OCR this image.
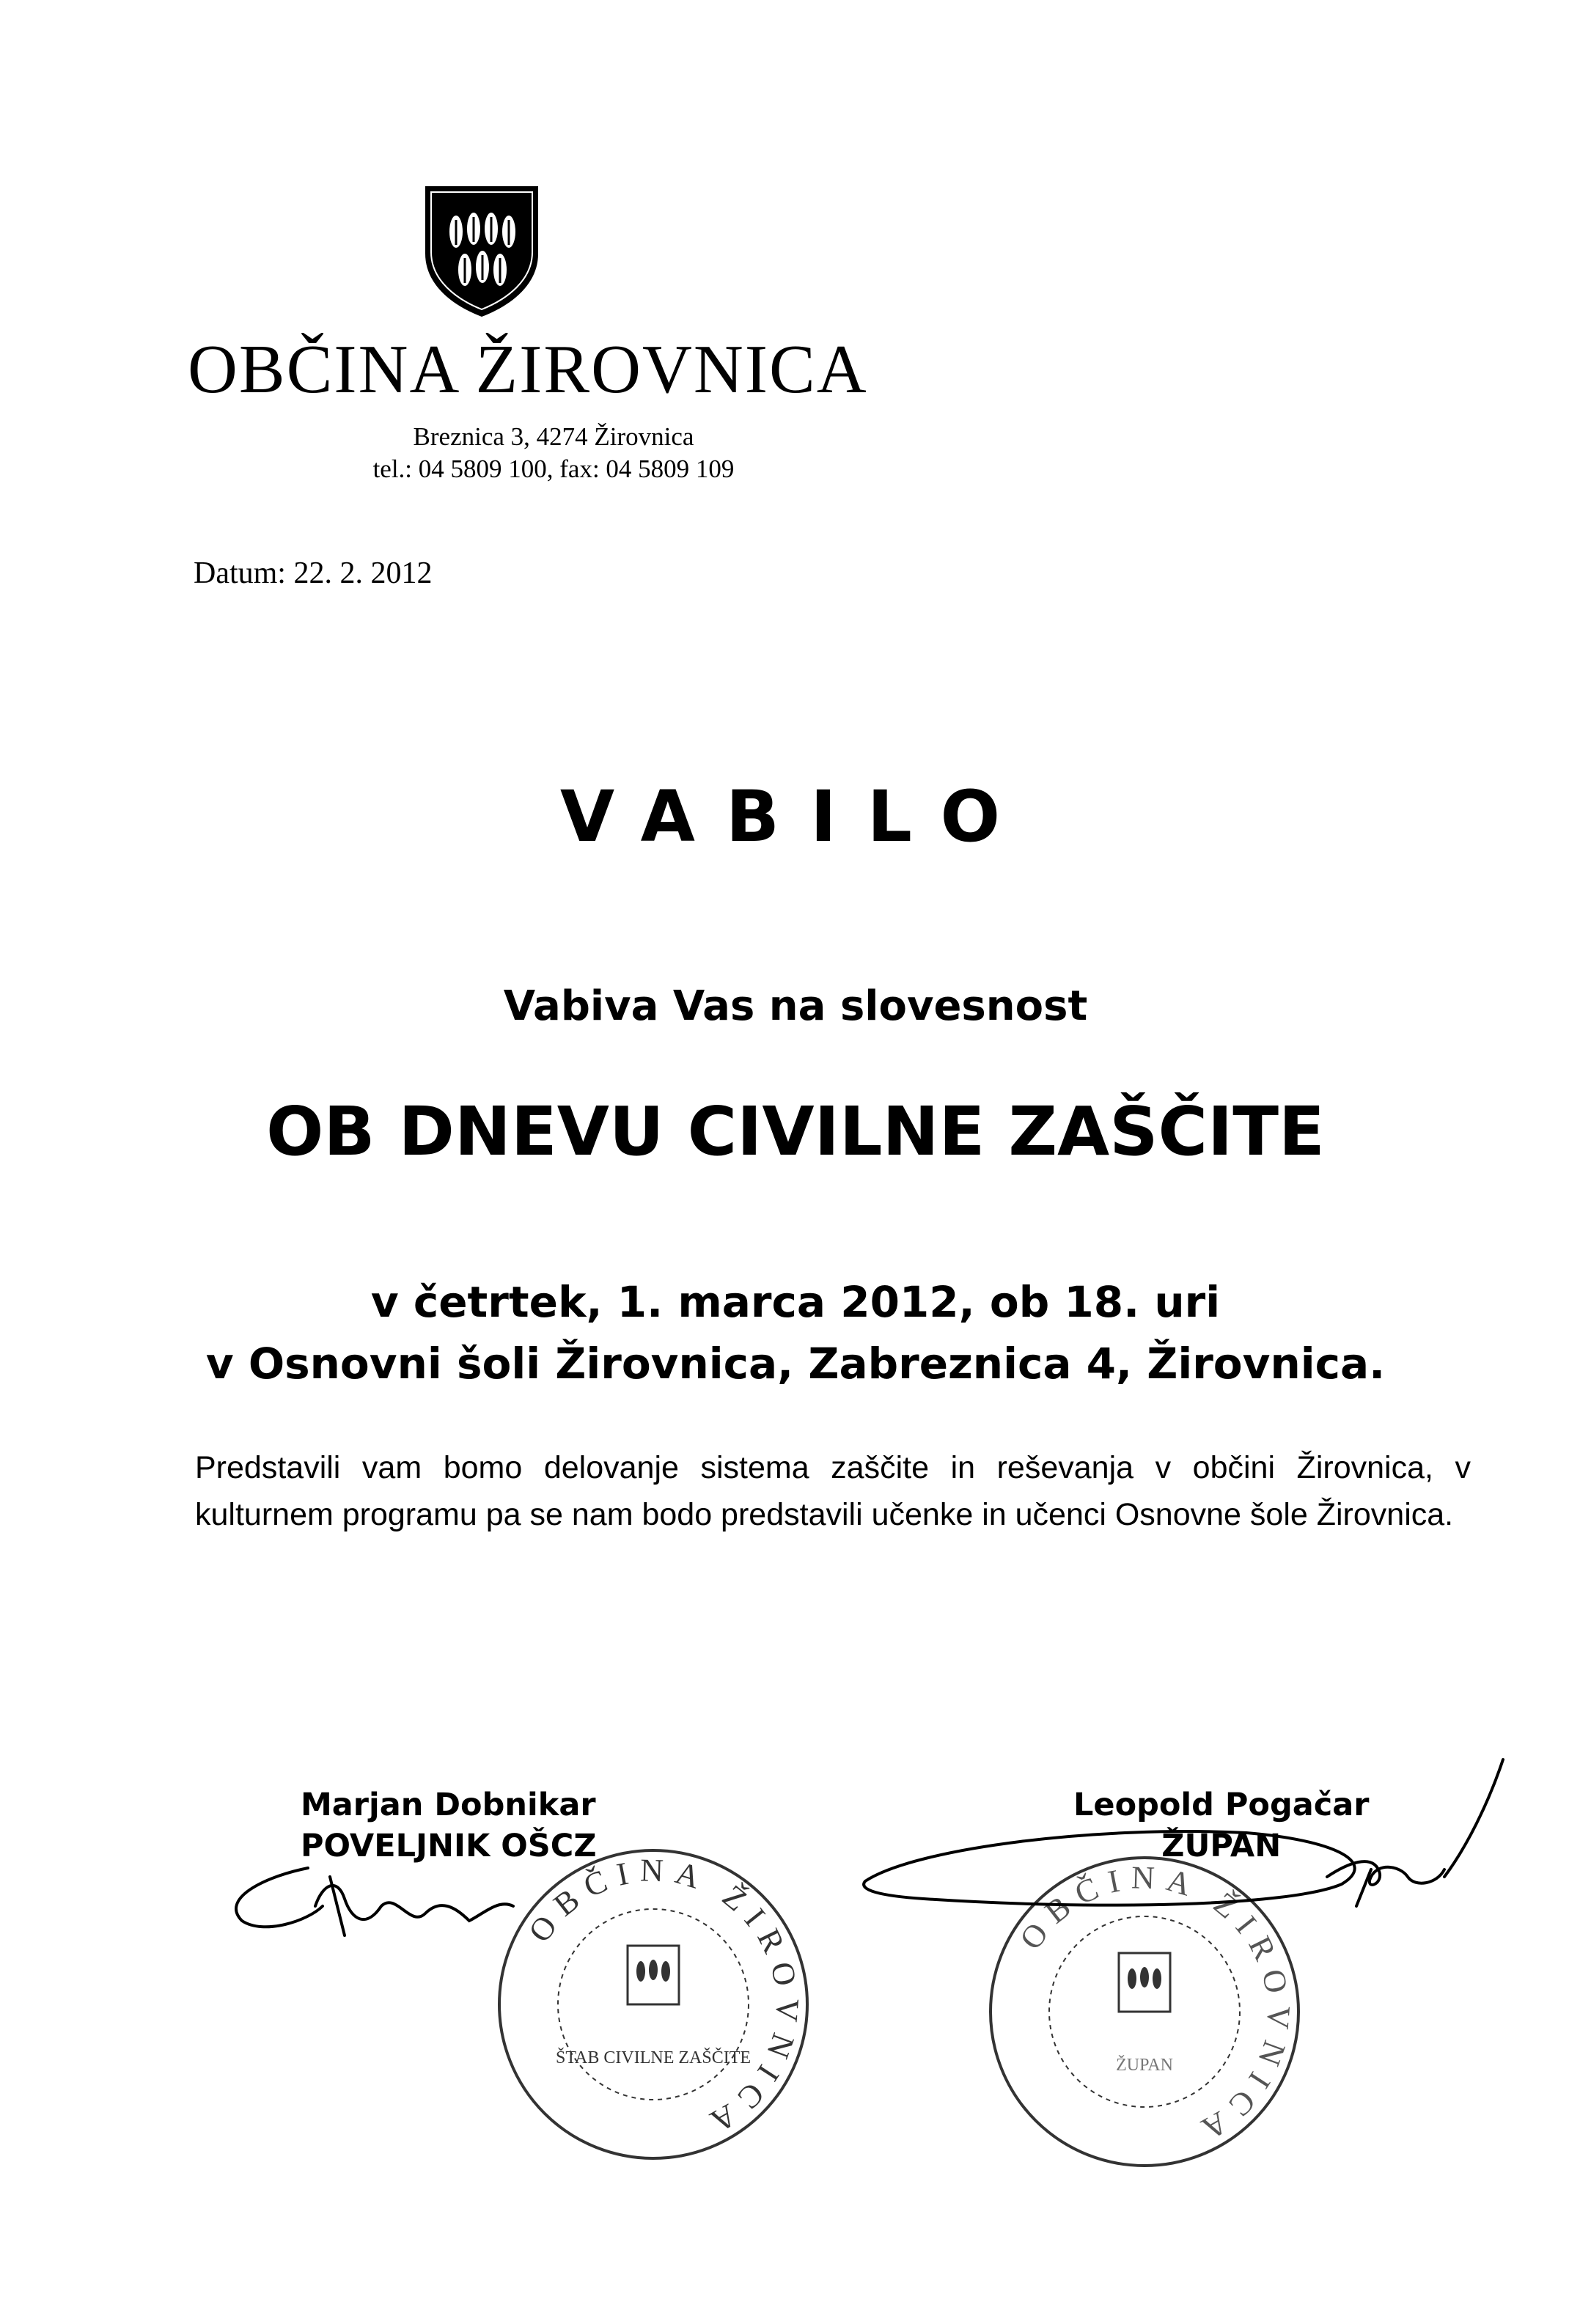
OBČINA ŽIROVNICA
Breznica 3, 4274 Žirovnica
tel.: 04 5809 100, fax: 04 5809 109
Datum: 22. 2. 2012
VABILO
Vabiva Vas na slovesnost
OB DNEVU CIVILNE ZAŠČITE
v četrtek, 1. marca 2012, ob 18. uri
v Osnovni šoli Žirovnica, Zabreznica 4, Žirovnica.
Predstavili vam bomo delovanje sistema zaščite in reševanja v občini Žirovnica, v kulturnem programu pa se nam bodo predstavili učenke in učenci Osnovne šole Žirovnica.
OBČINA ŽIROVNICA
ŠTAB CIVILNE ZAŠČITE
OBČINA ŽIROVNICA
ŽUPAN
Marjan Dobnikar
POVELJNIK OŠCZ
Leopold Pogačar
ŽUPAN
